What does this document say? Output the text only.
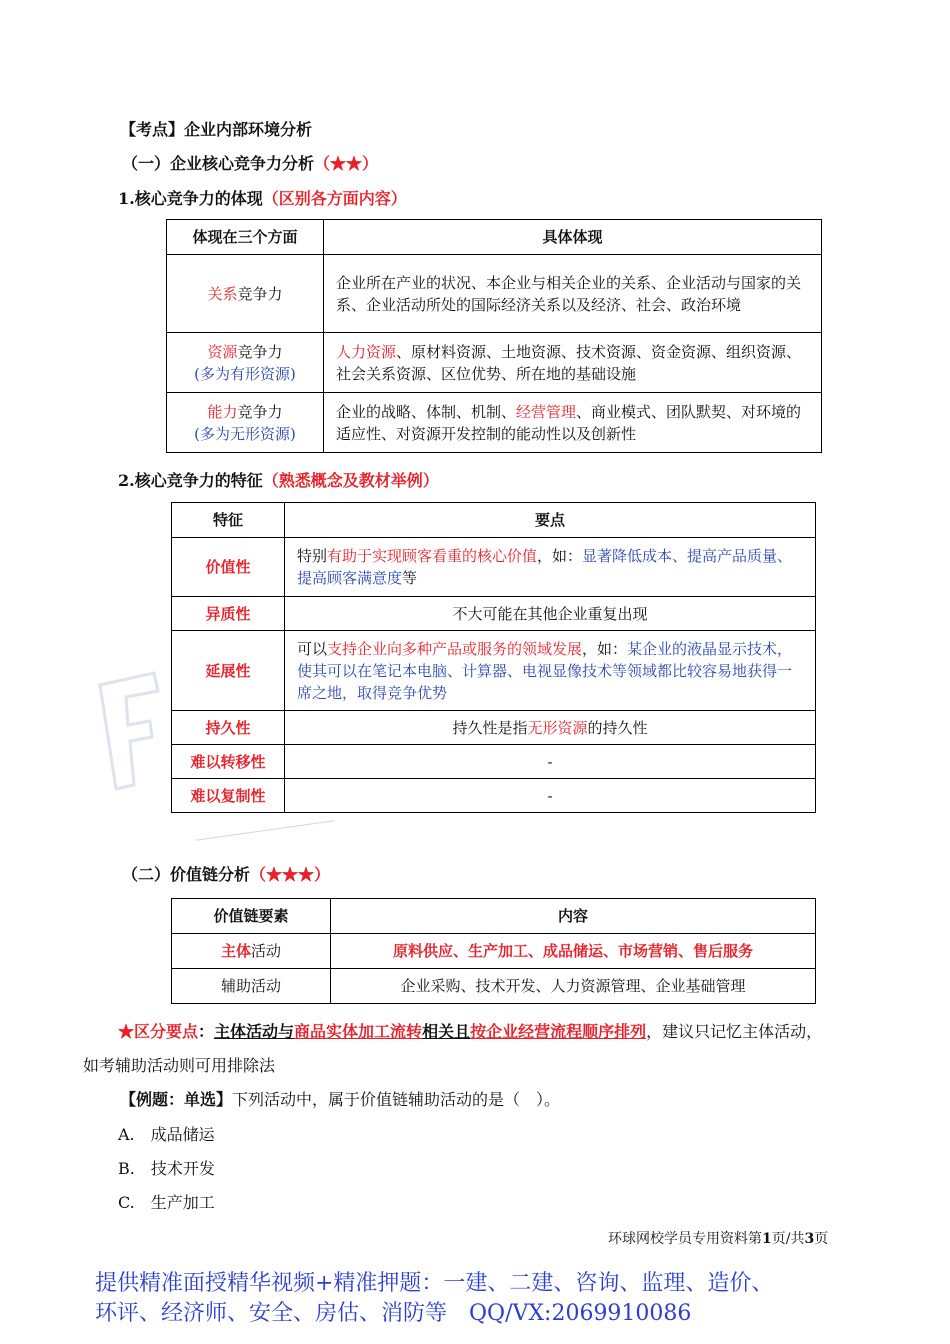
【考点】企业内部环境分析
（一）企业核心竞争力分析（★★）
1.核心竞争力的体现（区别各方面内容）
体现在三个方面	具体体现
关系竞争力	企业所在产业的状况、本企业与相关企业的关系、企业活动与国家的关系、企业活动所处的国际经济关系以及经济、社会、政治环境
资源竞争力
(多为有形资源)	人力资源、原材料资源、土地资源、技术资源、资金资源、组织资源、社会关系资源、区位优势、所在地的基础设施
能力竞争力
(多为无形资源)	企业的战略、体制、机制、经营管理、商业模式、团队默契、对环境的适应性、对资源开发控制的能动性以及创新性
2.核心竞争力的特征（熟悉概念及教材举例）
特征	要点
价值性	特别有助于实现顾客看重的核心价值，如：显著降低成本、提高产品质量、提高顾客满意度等
异质性	不大可能在其他企业重复出现
延展性	可以支持企业向多种产品或服务的领域发展，如：某企业的液晶显示技术，使其可以在笔记本电脑、计算器、电视显像技术等领域都比较容易地获得一席之地，取得竞争优势
持久性	持久性是指无形资源的持久性
难以转移性	-
难以复制性	-
（二）价值链分析（★★★）
价值链要素	内容
主体活动	原料供应、生产加工、成品储运、市场营销、售后服务
辅助活动	企业采购、技术开发、人力资源管理、企业基础管理
★区分要点：主体活动与商品实体加工流转相关且按企业经营流程顺序排列，建议只记忆主体活动，
如考辅助活动则可用排除法
【例题：单选】下列活动中，属于价值链辅助活动的是（　）。
A.　成品储运
B.　技术开发
C.　生产加工
环球网校学员专用资料第1页/共3页
提供精准面授精华视频+精准押题：一建、二建、咨询、监理、造价、
环评、经济师、安全、房估、消防等　QQ/VX:2069910086
